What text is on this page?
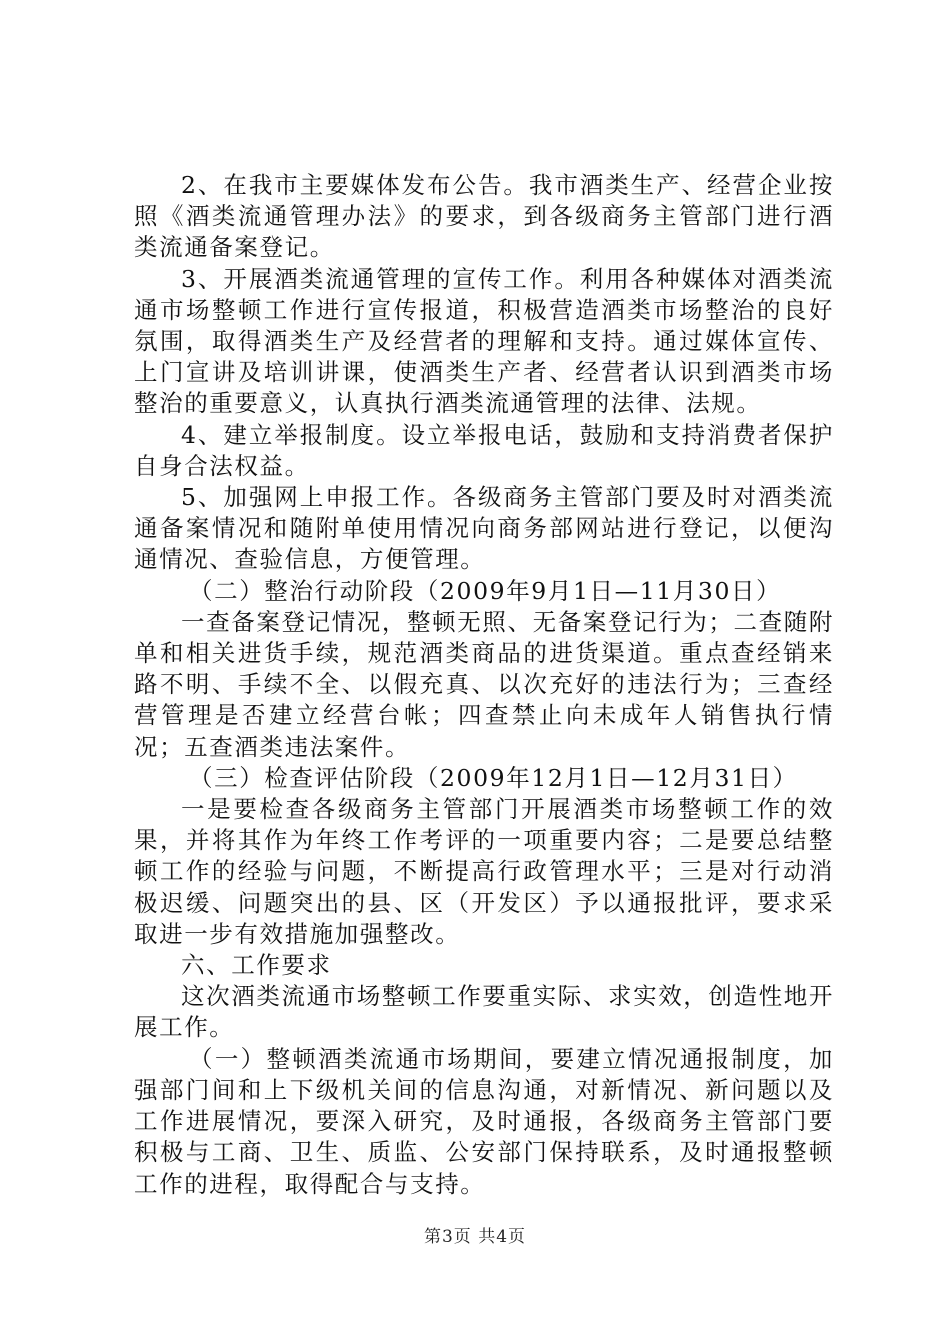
2、在我市主要媒体发布公告。我市酒类生产、经营企业按照《酒类流通管理办法》的要求，到各级商务主管部门进行酒类流通备案登记。

3、开展酒类流通管理的宣传工作。利用各种媒体对酒类流通市场整顿工作进行宣传报道，积极营造酒类市场整治的良好氛围，取得酒类生产及经营者的理解和支持。通过媒体宣传、上门宣讲及培训讲课，使酒类生产者、经营者认识到酒类市场整治的重要意义，认真执行酒类流通管理的法律、法规。

4、建立举报制度。设立举报电话，鼓励和支持消费者保护自身合法权益。

5、加强网上申报工作。各级商务主管部门要及时对酒类流通备案情况和随附单使用情况向商务部网站进行登记，以便沟通情况、查验信息，方便管理。

（二）整治行动阶段（2009年9月1日—11月30日）

一查备案登记情况，整顿无照、无备案登记行为；二查随附单和相关进货手续，规范酒类商品的进货渠道。重点查经销来路不明、手续不全、以假充真、以次充好的违法行为；三查经营管理是否建立经营台帐；四查禁止向未成年人销售执行情况；五查酒类违法案件。

（三）检查评估阶段（2009年12月1日—12月31日）

一是要检查各级商务主管部门开展酒类市场整顿工作的效果，并将其作为年终工作考评的一项重要内容；二是要总结整顿工作的经验与问题，不断提高行政管理水平；三是对行动消极迟缓、问题突出的县、区（开发区）予以通报批评，要求采取进一步有效措施加强整改。

六、工作要求

这次酒类流通市场整顿工作要重实际、求实效，创造性地开展工作。

（一）整顿酒类流通市场期间，要建立情况通报制度，加强部门间和上下级机关间的信息沟通，对新情况、新问题以及工作进展情况，要深入研究，及时通报，各级商务主管部门要积极与工商、卫生、质监、公安部门保持联系，及时通报整顿工作的进程，取得配合与支持。

第3页 共4页
